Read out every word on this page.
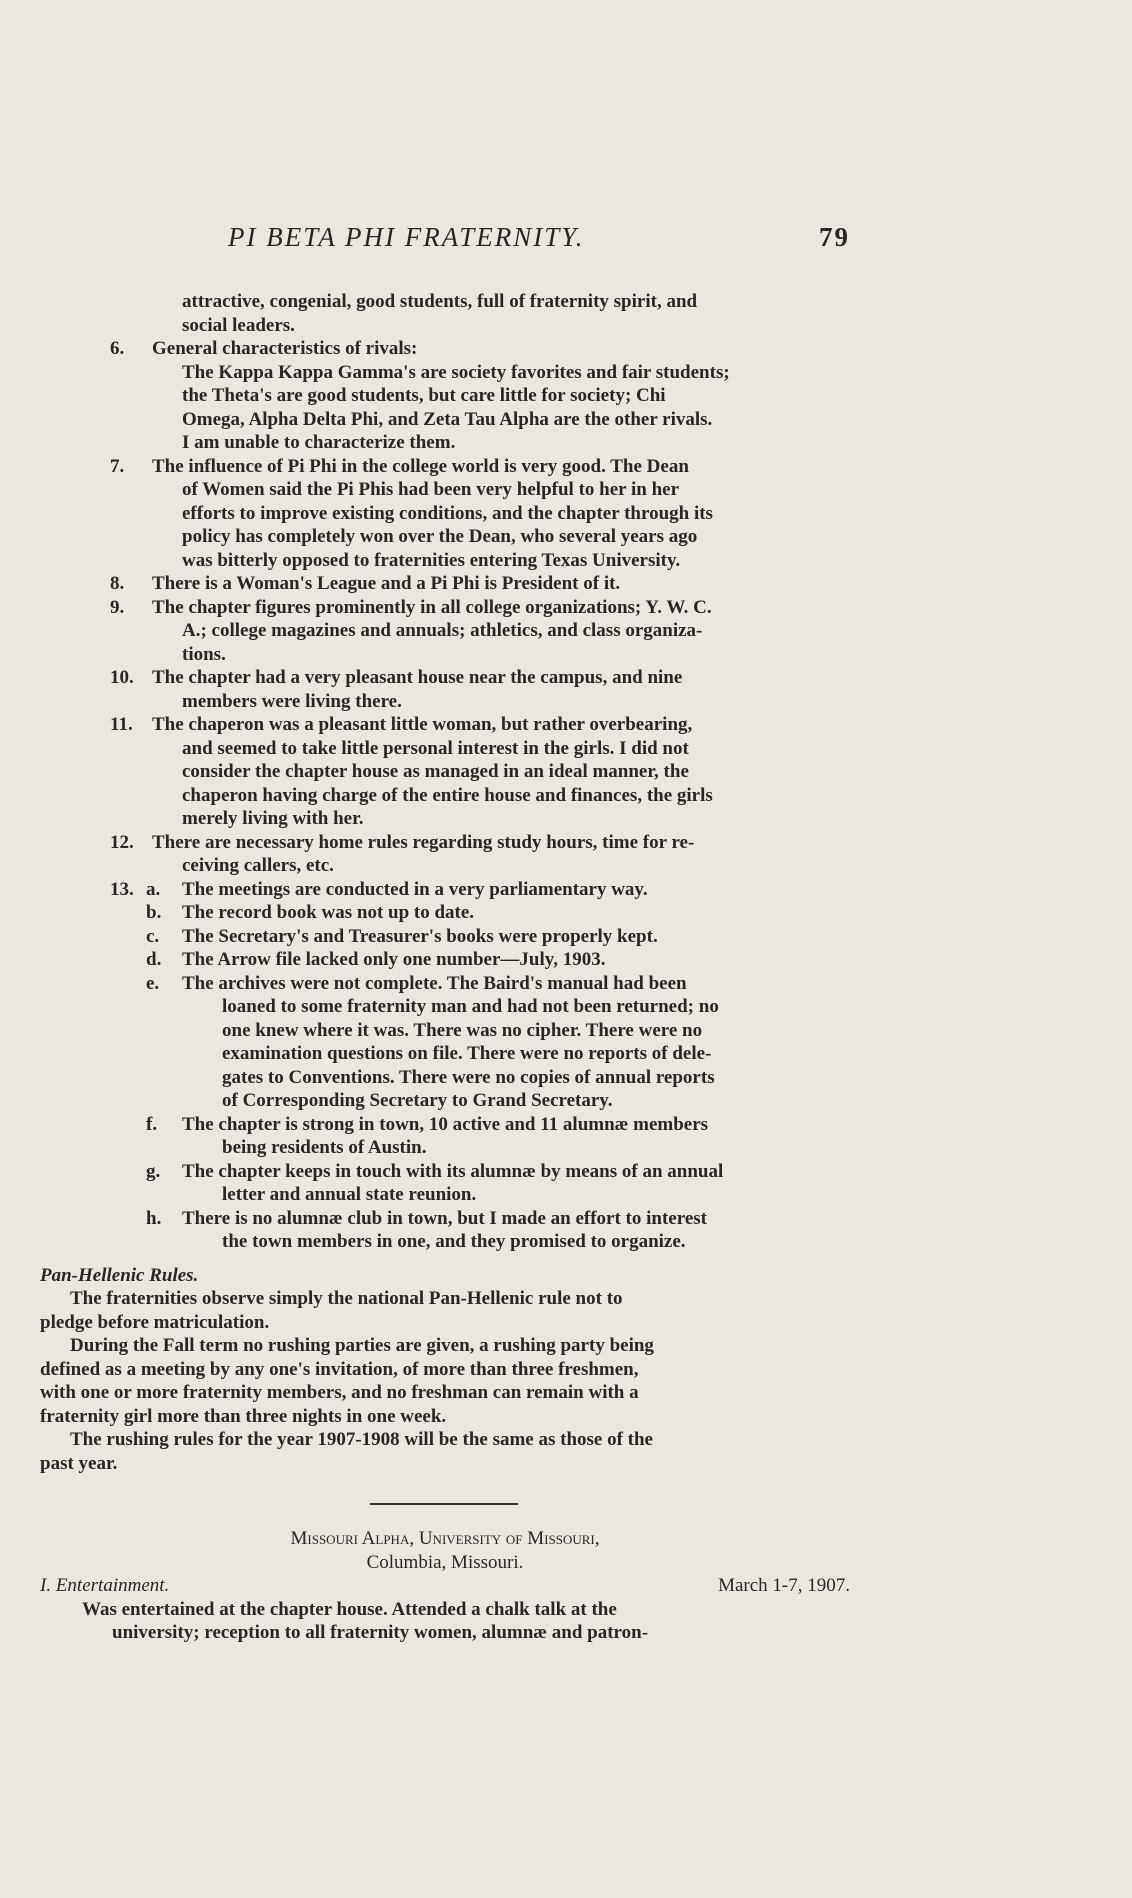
PI BETA PHI FRATERNITY.	79
attractive, congenial, good students, full of fraternity spirit, and
social leaders.
6. General characteristics of rivals:
The Kappa Kappa Gamma's are society favorites and fair students;
the Theta's are good students, but care little for society; Chi
Omega, Alpha Delta Phi, and Zeta Tau Alpha are the other rivals.
I am unable to characterize them.
7. The influence of Pi Phi in the college world is very good. The Dean
of Women said the Pi Phis had been very helpful to her in her
efforts to improve existing conditions, and the chapter through its
policy has completely won over the Dean, who several years ago
was bitterly opposed to fraternities entering Texas University.
8. There is a Woman's League and a Pi Phi is President of it.
9. The chapter figures prominently in all college organizations; Y. W. C.
A.; college magazines and annuals; athletics, and class organiza-
tions.
10. The chapter had a very pleasant house near the campus, and nine
members were living there.
11. The chaperon was a pleasant little woman, but rather overbearing,
and seemed to take little personal interest in the girls. I did not
consider the chapter house as managed in an ideal manner, the
chaperon having charge of the entire house and finances, the girls
merely living with her.
12. There are necessary home rules regarding study hours, time for re-
ceiving callers, etc.
13. a. The meetings are conducted in a very parliamentary way.
b. The record book was not up to date.
c. The Secretary's and Treasurer's books were properly kept.
d. The Arrow file lacked only one number—July, 1903.
e. The archives were not complete. The Baird's manual had been
loaned to some fraternity man and had not been returned; no
one knew where it was. There was no cipher. There were no
examination questions on file. There were no reports of dele-
gates to Conventions. There were no copies of annual reports
of Corresponding Secretary to Grand Secretary.
f. The chapter is strong in town, 10 active and 11 alumnæ members
being residents of Austin.
g. The chapter keeps in touch with its alumnæ by means of an annual
letter and annual state reunion.
h. There is no alumnæ club in town, but I made an effort to interest
the town members in one, and they promised to organize.

Pan-Hellenic Rules.

The fraternities observe simply the national Pan-Hellenic rule not to
pledge before matriculation.
During the Fall term no rushing parties are given, a rushing party being
defined as a meeting by any one's invitation, of more than three freshmen,
with one or more fraternity members, and no freshman can remain with a
fraternity girl more than three nights in one week.
The rushing rules for the year 1907-1908 will be the same as those of the
past year.

Missouri Alpha, University of Missouri,

Columbia, Missouri.

I. Entertainment.	March 1-7, 1907.
Was entertained at the chapter house. Attended a chalk talk at the
university; reception to all fraternity women, alumnæ and patron-
